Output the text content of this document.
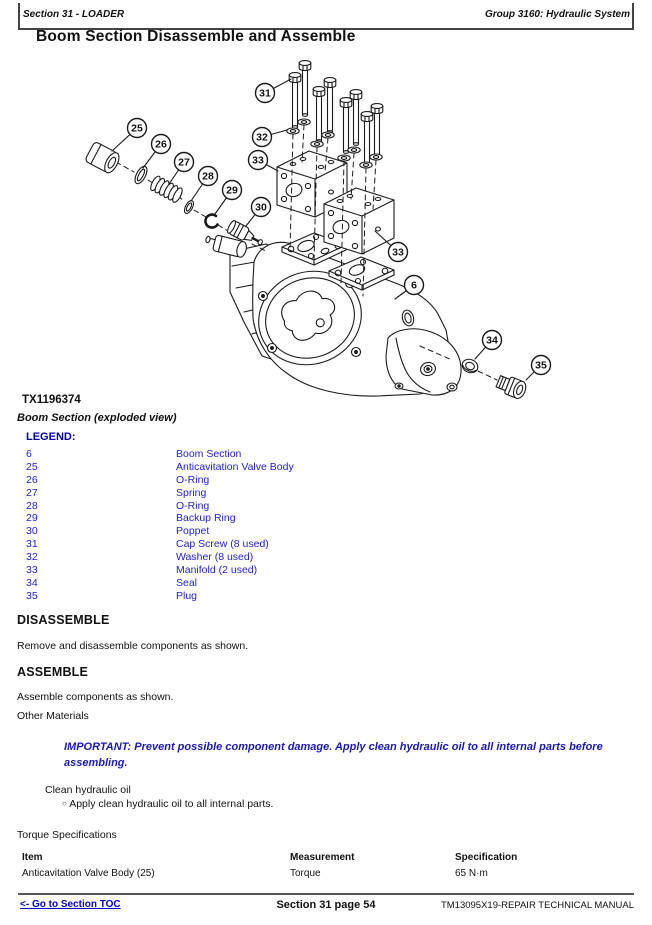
Section 31 - LOADER	Group 3160: Hydraulic System
Boom Section Disassemble and Assemble
25
26
27
28
29
30
31
32
33
33
6
34
35
TX1196374
Boom Section (exploded view)
LEGEND:
6	Boom Section
25	Anticavitation Valve Body
26	O-Ring
27	Spring
28	O-Ring
29	Backup Ring
30	Poppet
31	Cap Screw (8 used)
32	Washer (8 used)
33	Manifold (2 used)
34	Seal
35	Plug
DISASSEMBLE
Remove and disassemble components as shown.
ASSEMBLE
Assemble components as shown.
Other Materials
IMPORTANT: Prevent possible component damage. Apply clean hydraulic oil to all internal parts before assembling.
Clean hydraulic oil
○ Apply clean hydraulic oil to all internal parts.
Torque Specifications
Item	Measurement	Specification
Anticavitation Valve Body (25)	Torque	65 N·m
<- Go to Section TOC	Section 31 page 54	TM13095X19-REPAIR TECHNICAL MANUAL
